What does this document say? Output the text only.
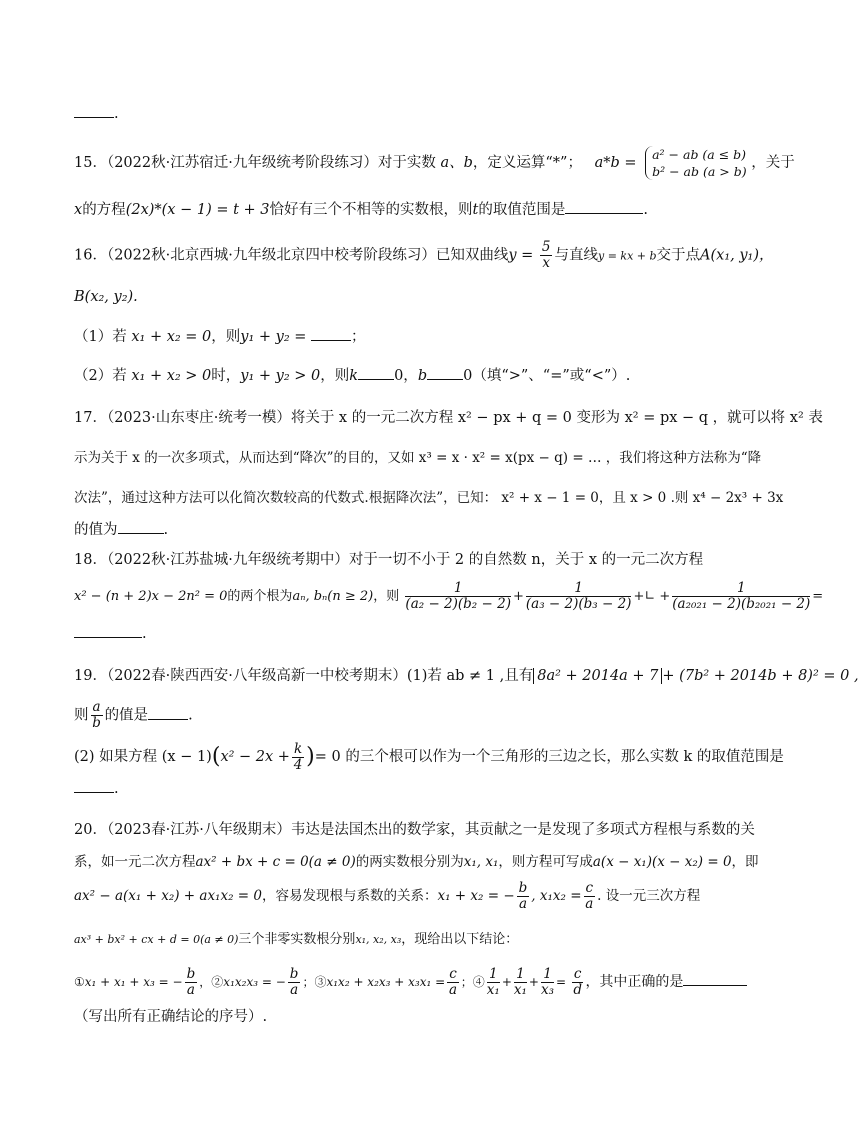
.
15．（2022秋·江苏宿迁·九年级统考阶段练习）对于实数 a、b，定义运算“*”； a*b =
a² − ab (a ≤ b)
b² − ab (a > b)
，关于
x的方程(2x)*(x − 1) = t + 3恰好有三个不相等的实数根，则t的取值范围是	.
16．（2022秋·北京西城·九年级北京四中校考阶段练习）已知双曲线$y = \frac{5}{x}$ 与直线y = kx + b交于点A(x₁, y₁)，
B(x₂, y₂).
（1）若 x₁ + x₂ = 0，则y₁ + y₂ =	；
（2）若 x₁ + x₂ > 0时，y₁ + y₂ > 0，则k 0，b 0（填“>”、“=”或“<”）.
17．（2023·山东枣庄·统考一模）将关于 x 的一元二次方程 x² − px + q = 0 变形为 x² = px − q ，就可以将 x² 表
示为关于 x 的一次多项式，从而达到“降次”的目的，又如 x³ = x · x² = x(px − q) = … ，我们将这种方法称为“降
次法”，通过这种方法可以化简次数较高的代数式.根据降次法”，已知： x² + x − 1 = 0，且 x > 0 .则 x⁴ − 2x³ + 3x
的值为	.
18．（2022秋·江苏盐城·九年级统考期中）对于一切不小于 2 的自然数 n，关于 x 的一元二次方程
x² − (n + 2)x − 2n² = 0的两个根为aₙ, bₙ(n ≥ 2)，则 $\frac{1}{\text{(a₂ − 2)(b₂ − 2)}} + \frac{1}{\text{(a₃ − 2)(b₃ − 2)}}$ +∟ + $\frac{1}{\text{(a₂₀₂₁ − 2)(b₂₀₂₁ − 2)}}$ =
.
19．（2022春·陕西西安·八年级高新一中校考期末）(1)若 ab ≠ 1 ,且有 8a² + 2014a + 7 + (7b² + 2014b + 8)² = 0 ,
则 $\frac{a}{b}$ 的值是	.
(2) 如果方程 $(x - 1)(x^2 - 2x + \frac{k}{4}$ )= 0 的三个根可以作为一个三角形的三边之长，那么实数 k 的取值范围是
.
20．（2023春·江苏·八年级期末）韦达是法国杰出的数学家，其贡献之一是发现了多项式方程根与系数的关
系，如一元二次方程ax² + bx + c = 0(a ≠ 0)的两实数根分别为x₁, x₁，则方程可写成a(x − x₁)(x − x₂) = 0，即
ax² − a(x₁ + x₂) + ax₁x₂ = 0，容易发现根与系数的关系：x₁ + x₂ = − $\frac{b}{a}$ , $x_1x_2 = \frac{c}{a}$ . 设一元三次方程
ax³ + bx² + cx + d = 0(a ≠ 0)三个非零实数根分别x₁, x₂, x₃，现给出以下结论：
①x₁ + x₁ + x₃ = − $\frac{b}{a}$ ，②x₁x₂x₃ = − $\frac{b}{a}$ ；③x₁x₂ + $x_2x_3 + x_3x_1 = \frac{c}{a}$ ；④ $\frac{1}{\text{x₁}} + \frac{1}{\text{x₁}} + \frac{1}{\text{x₃}} = \frac{c}{d}$ ，其中正确的是
（写出所有正确结论的序号）.
